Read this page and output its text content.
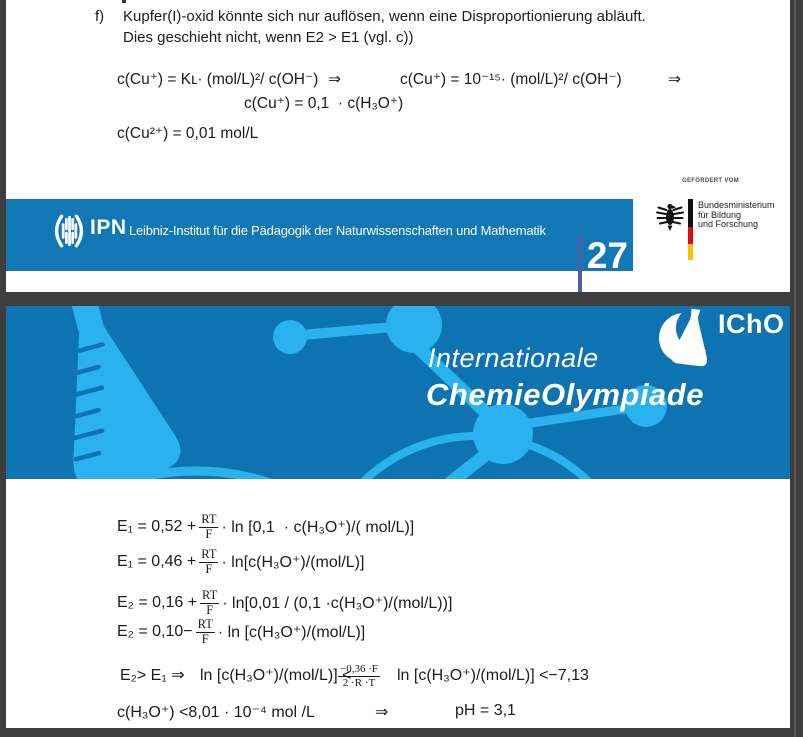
f) Kupfer(I)-oxid könnte sich nur auflösen, wenn eine Disproportionierung abläuft.
Dies geschieht nicht, wenn E2 > E1 (vgl. c))
c(Cu⁺) = Kʟ· (mol/L)²/ c(OH⁻) ⇒	c(Cu⁺) = 10⁻¹⁵· (mol/L)²/ c(OH⁻)	⇒
c(Cu⁺) = 0,1  · c(H₃O⁺)
c(Cu²⁺) = 0,01 mol/L
IPN Leibniz-Institut für die Pädagogik der Naturwissenschaften und Mathematik
27
GEFÖRDERT VOM
Bundesministerium
für Bildung
und Forschung
Internationale
ChemieOlympiade
IChO
$E_1 = 0,52 + \frac{RT}{F} \cdot \ln [0,1 \cdot c(H_3O^+)/$( mol/L)]
$E_1 = 0,46 + \frac{RT}{F} \cdot \ln[c(H_3O^+)/(mol/L)]$
$E_2 = 0,16 + \frac{RT}{F} \cdot \ln[0,01 / (0,1 \cdot c(H_3O^+)/(mol/L))]$
$E_2 = 0,10- \frac{RT}{F} \cdot \ln [c(H_3O^+)/(mol/L)]$
E₂> E₁ ⇒ ln [c(H₃O⁺)/(mol/L)] <
$\frac{-0,36 \cdot F}{2 \cdot R \cdot T}$ ln [c(H₃O⁺)/(mol/L)] <−7,13
c(H₃O⁺) <8,01 · 10⁻⁴ mol /L	⇒	pH = 3,1
